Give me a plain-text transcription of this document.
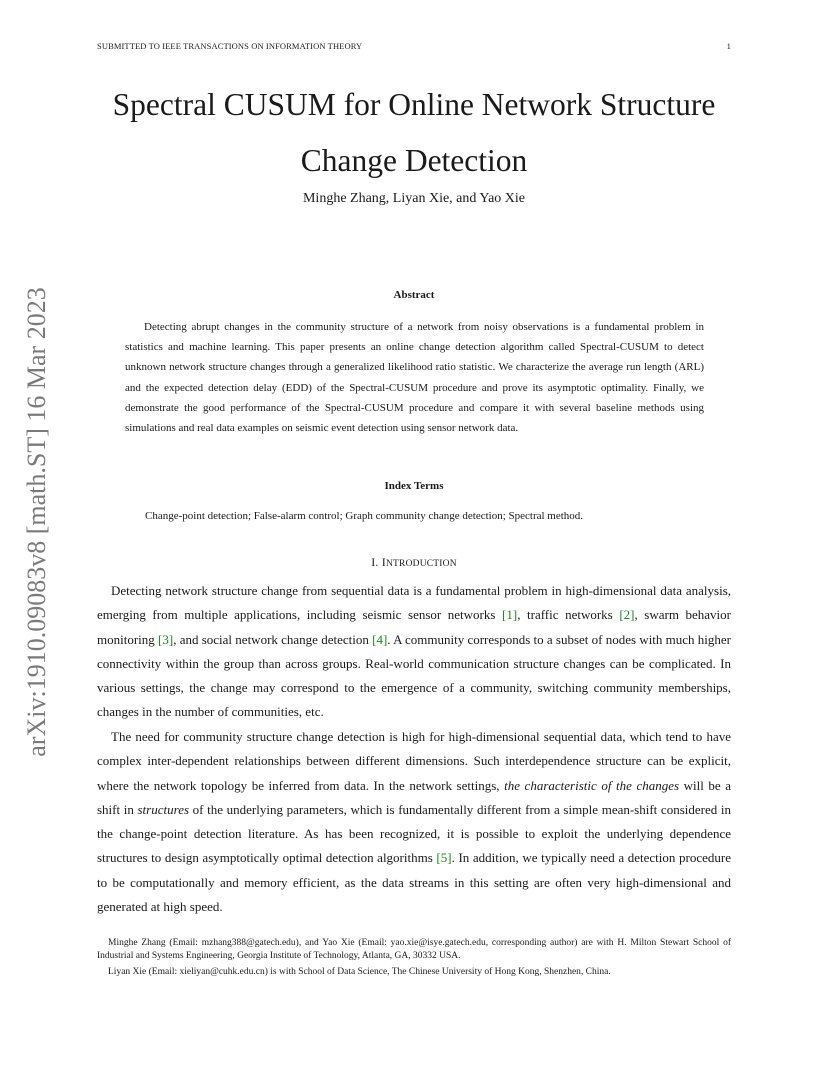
SUBMITTED TO IEEE TRANSACTIONS ON INFORMATION THEORY	1
arXiv:1910.09083v8 [math.ST] 16 Mar 2023
Spectral CUSUM for Online Network Structure
Change Detection
Minghe Zhang, Liyan Xie, and Yao Xie
Abstract
Detecting abrupt changes in the community structure of a network from noisy observations is a fundamental problem in statistics and machine learning. This paper presents an online change detection algorithm called Spectral-CUSUM to detect unknown network structure changes through a generalized likelihood ratio statistic. We characterize the average run length (ARL) and the expected detection delay (EDD) of the Spectral-CUSUM procedure and prove its asymptotic optimality. Finally, we demonstrate the good performance of the Spectral-CUSUM procedure and compare it with several baseline methods using simulations and real data examples on seismic event detection using sensor network data.
Index Terms
Change-point detection; False-alarm control; Graph community change detection; Spectral method.
I. INTRODUCTION
Detecting network structure change from sequential data is a fundamental problem in high-dimensional data analysis, emerging from multiple applications, including seismic sensor networks [1], traffic networks [2], swarm behavior monitoring [3], and social network change detection [4]. A community corresponds to a subset of nodes with much higher connectivity within the group than across groups. Real-world communication structure changes can be complicated. In various settings, the change may correspond to the emergence of a community, switching community memberships, changes in the number of communities, etc.
The need for community structure change detection is high for high-dimensional sequential data, which tend to have complex inter-dependent relationships between different dimensions. Such interdependence structure can be explicit, where the network topology be inferred from data. In the network settings, the characteristic of the changes will be a shift in structures of the underlying parameters, which is fundamentally different from a simple mean-shift considered in the change-point detection literature. As has been recognized, it is possible to exploit the underlying dependence structures to design asymptotically optimal detection algorithms [5]. In addition, we typically need a detection procedure to be computationally and memory efficient, as the data streams in this setting are often very high-dimensional and generated at high speed.

Minghe Zhang (Email: mzhang388@gatech.edu), and Yao Xie (Email: yao.xie@isye.gatech.edu, corresponding author) are with H. Milton Stewart School of Industrial and Systems Engineering, Georgia Institute of Technology, Atlanta, GA, 30332 USA.

Liyan Xie (Email: xieliyan@cuhk.edu.cn) is with School of Data Science, The Chinese University of Hong Kong, Shenzhen, China.
